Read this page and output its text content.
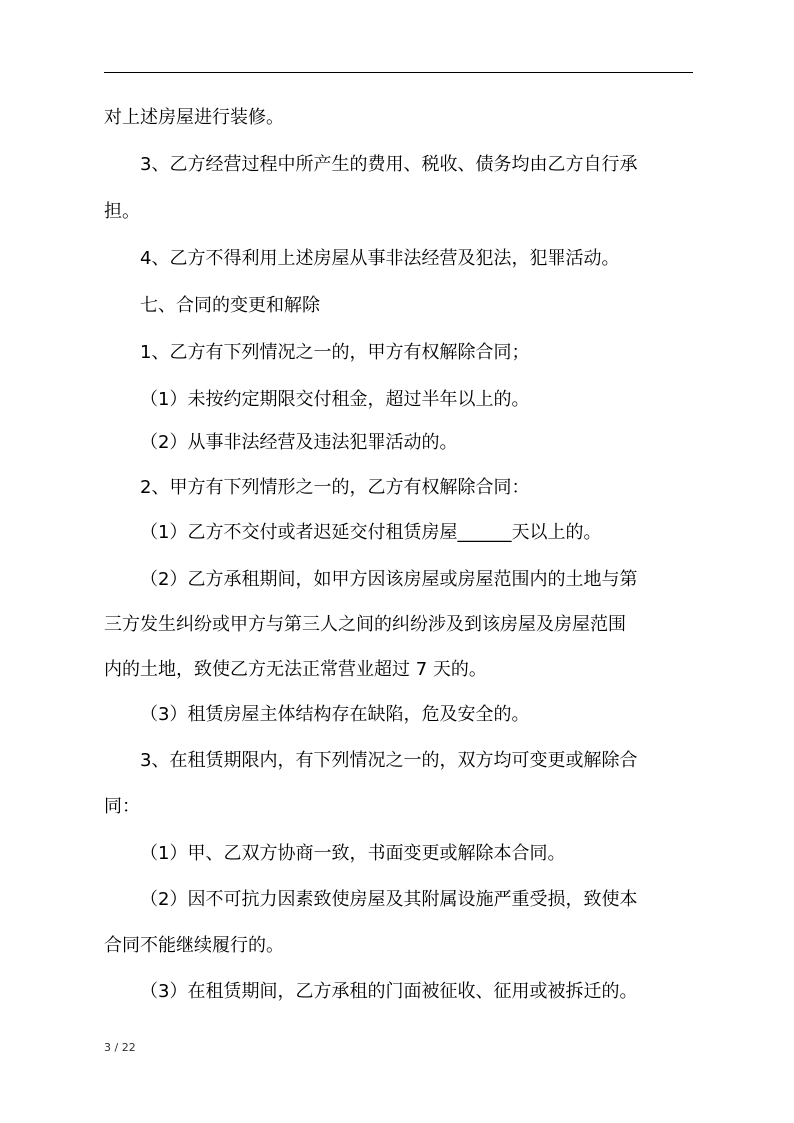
对上述房屋进行装修。
3、乙方经营过程中所产生的费用、税收、债务均由乙方自行承
担。
4、乙方不得利用上述房屋从事非法经营及犯法，犯罪活动。
七、合同的变更和解除
1、乙方有下列情况之一的，甲方有权解除合同；
（1）未按约定期限交付租金，超过半年以上的。
（2）从事非法经营及违法犯罪活动的。
2、甲方有下列情形之一的，乙方有权解除合同：
（1）乙方不交付或者迟延交付租赁房屋______天以上的。
（2）乙方承租期间，如甲方因该房屋或房屋范围内的土地与第
三方发生纠纷或甲方与第三人之间的纠纷涉及到该房屋及房屋范围
内的土地，致使乙方无法正常营业超过 7 天的。
（3）租赁房屋主体结构存在缺陷，危及安全的。
3、在租赁期限内，有下列情况之一的，双方均可变更或解除合
同：
（1）甲、乙双方协商一致，书面变更或解除本合同。
（2）因不可抗力因素致使房屋及其附属设施严重受损，致使本
合同不能继续履行的。
（3）在租赁期间，乙方承租的门面被征收、征用或被拆迁的。
3 / 22
